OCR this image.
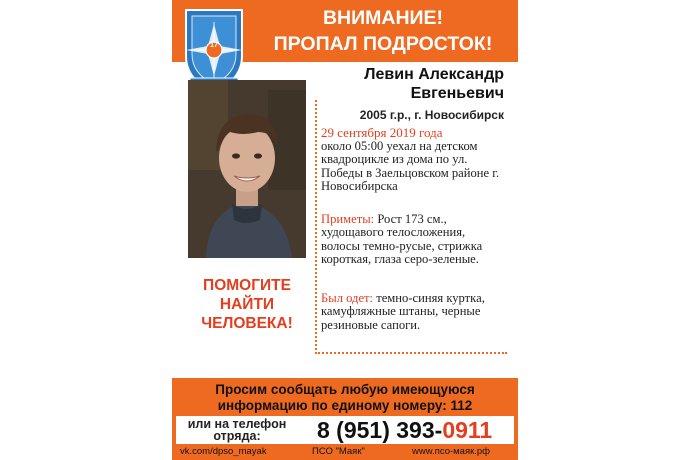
17
ВНИМАНИЕ!
ПРОПАЛ ПОДРОСТОК!
Левин Александр
Евгеньевич
2005 г.р., г. Новосибирск
ПОМОГИТЕ
НАЙТИ
ЧЕЛОВЕКА!
29 сентября 2019 года
около 05:00 уехал на детском квадроцикле из дома по ул. Победы в Заельцовском районе г. Новосибирска
Приметы: Рост 173 см., худощавого телосложения, волосы темно-русые, стрижка короткая, глаза серо-зеленые.
Был одет: темно-синяя куртка, камуфляжные штаны, черные резиновые сапоги.
Просим сообщать любую имеющуюся
информацию по единому номеру: 112
или на телефон
отряда:	8 (951) 393-0911
vk.com/dpso_mayak	ПСО "Маяк"	www.псо-маяк.рф
